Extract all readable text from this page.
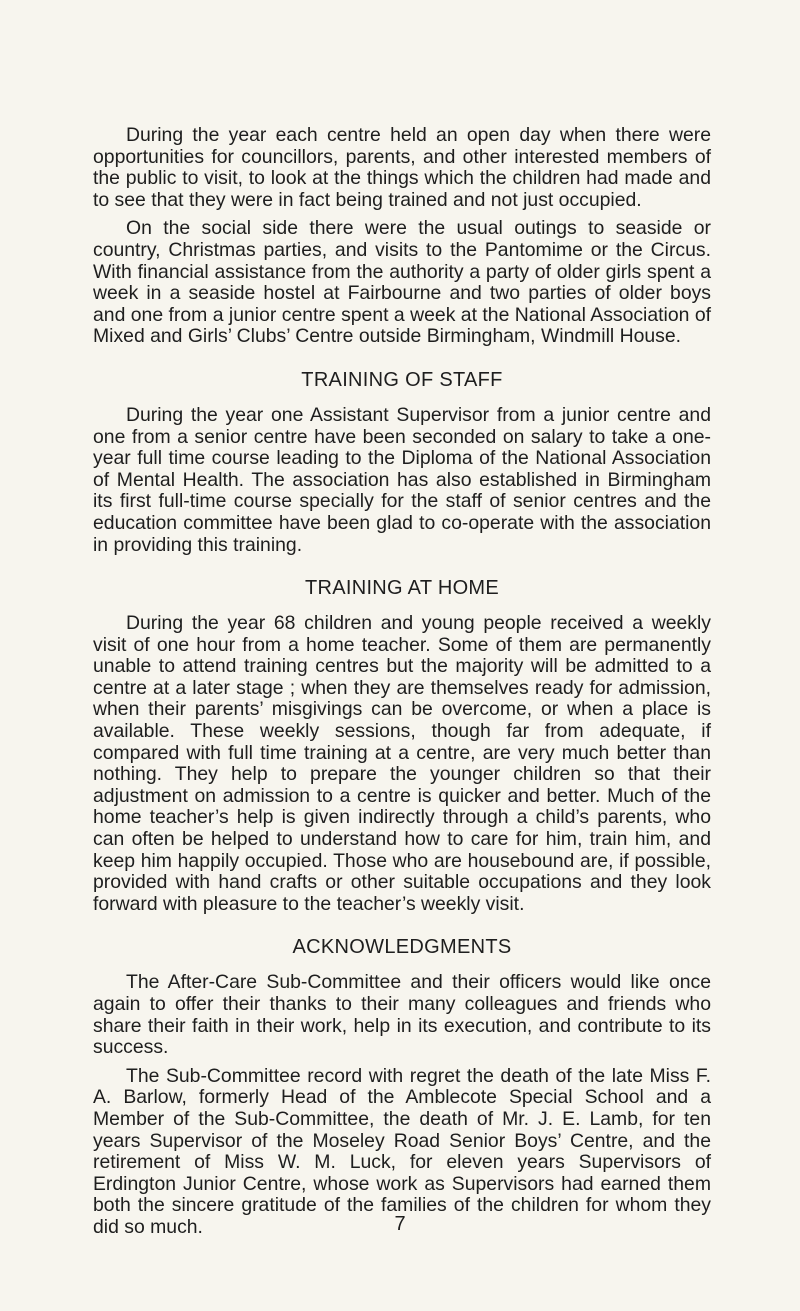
During the year each centre held an open day when there were opportunities for councillors, parents, and other interested members of the public to visit, to look at the things which the children had made and to see that they were in fact being trained and not just occupied.

On the social side there were the usual outings to seaside or country, Christmas parties, and visits to the Pantomime or the Circus. With financial assistance from the authority a party of older girls spent a week in a seaside hostel at Fairbourne and two parties of older boys and one from a junior centre spent a week at the National Association of Mixed and Girls’ Clubs’ Centre outside Birmingham, Windmill House.

TRAINING OF STAFF

During the year one Assistant Supervisor from a junior centre and one from a senior centre have been seconded on salary to take a one-year full time course leading to the Diploma of the National Association of Mental Health. The association has also established in Birmingham its first full-time course specially for the staff of senior centres and the education committee have been glad to co-operate with the association in providing this training.

TRAINING AT HOME

During the year 68 children and young people received a weekly visit of one hour from a home teacher. Some of them are permanently unable to attend training centres but the majority will be admitted to a centre at a later stage ; when they are themselves ready for admission, when their parents’ misgivings can be overcome, or when a place is available. These weekly sessions, though far from adequate, if compared with full time training at a centre, are very much better than nothing. They help to prepare the younger children so that their adjustment on admission to a centre is quicker and better. Much of the home teacher’s help is given indirectly through a child’s parents, who can often be helped to understand how to care for him, train him, and keep him happily occupied. Those who are housebound are, if possible, provided with hand crafts or other suitable occupations and they look forward with pleasure to the teacher’s weekly visit.

ACKNOWLEDGMENTS

The After-Care Sub-Committee and their officers would like once again to offer their thanks to their many colleagues and friends who share their faith in their work, help in its execution, and contribute to its success.

The Sub-Committee record with regret the death of the late Miss F. A. Barlow, formerly Head of the Amblecote Special School and a Member of the Sub-Committee, the death of Mr. J. E. Lamb, for ten years Supervisor of the Moseley Road Senior Boys’ Centre, and the retirement of Miss W. M. Luck, for eleven years Supervisors of Erdington Junior Centre, whose work as Supervisors had earned them both the sincere gratitude of the families of the children for whom they did so much.	7
